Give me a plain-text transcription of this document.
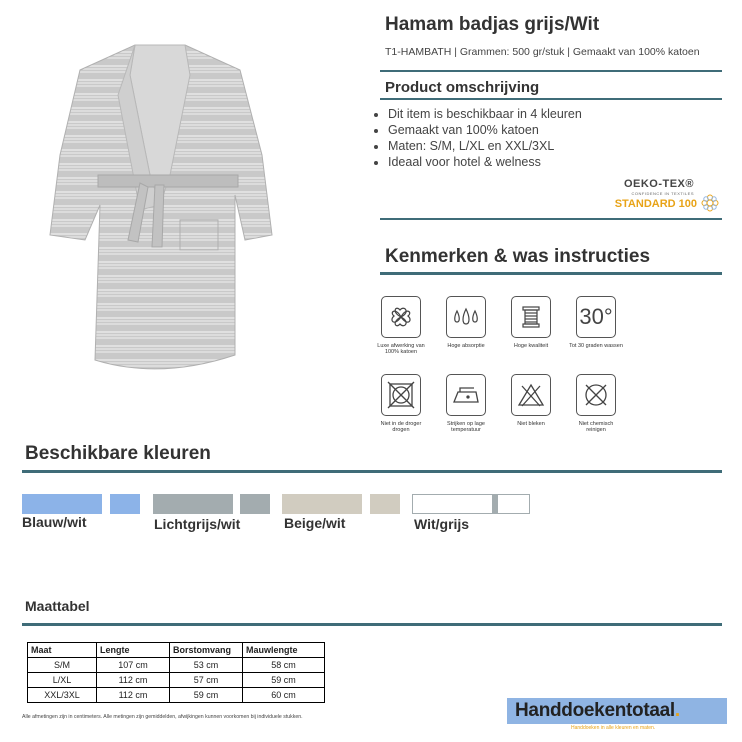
Hamam badjas grijs/Wit
T1-HAMBATH | Grammen: 500 gr/stuk | Gemaakt van 100% katoen
Product omschrijving
• Dit item is beschikbaar in 4 kleuren
• Gemaakt van 100% katoen
• Maten: S/M, L/XL en XXL/3XL
• Ideaal voor hotel & welness
OEKO-TEX®
CONFIDENCE IN TEXTILES
STANDARD 100
Kenmerken & was instructies
Luxe afwerking van 100% katoen
Hoge absorptie	Hoge kwaliteit
30°
Tot 30 graden wassen
Niet in de droger drogen
Strijken op lage temperatuur
Niet bleken	Niet chemisch reinigen
Beschikbare kleuren
Blauw/wit	Lichtgrijs/wit	Beige/wit	Wit/grijs
Maattabel
Maat	Lengte	Borstomvang	Mauwlengte
S/M	107 cm	53 cm	58 cm
L/XL	112 cm	57 cm	59 cm
XXL/3XL	112 cm	59 cm	60 cm
Alle afmetingen zijn in centimeters. Alle metingen zijn gemiddelden, afwijkingen kunnen voorkomen bij individuele stukken.	Handdoekentotaal.
Handdoeken in alle kleuren en maten.
